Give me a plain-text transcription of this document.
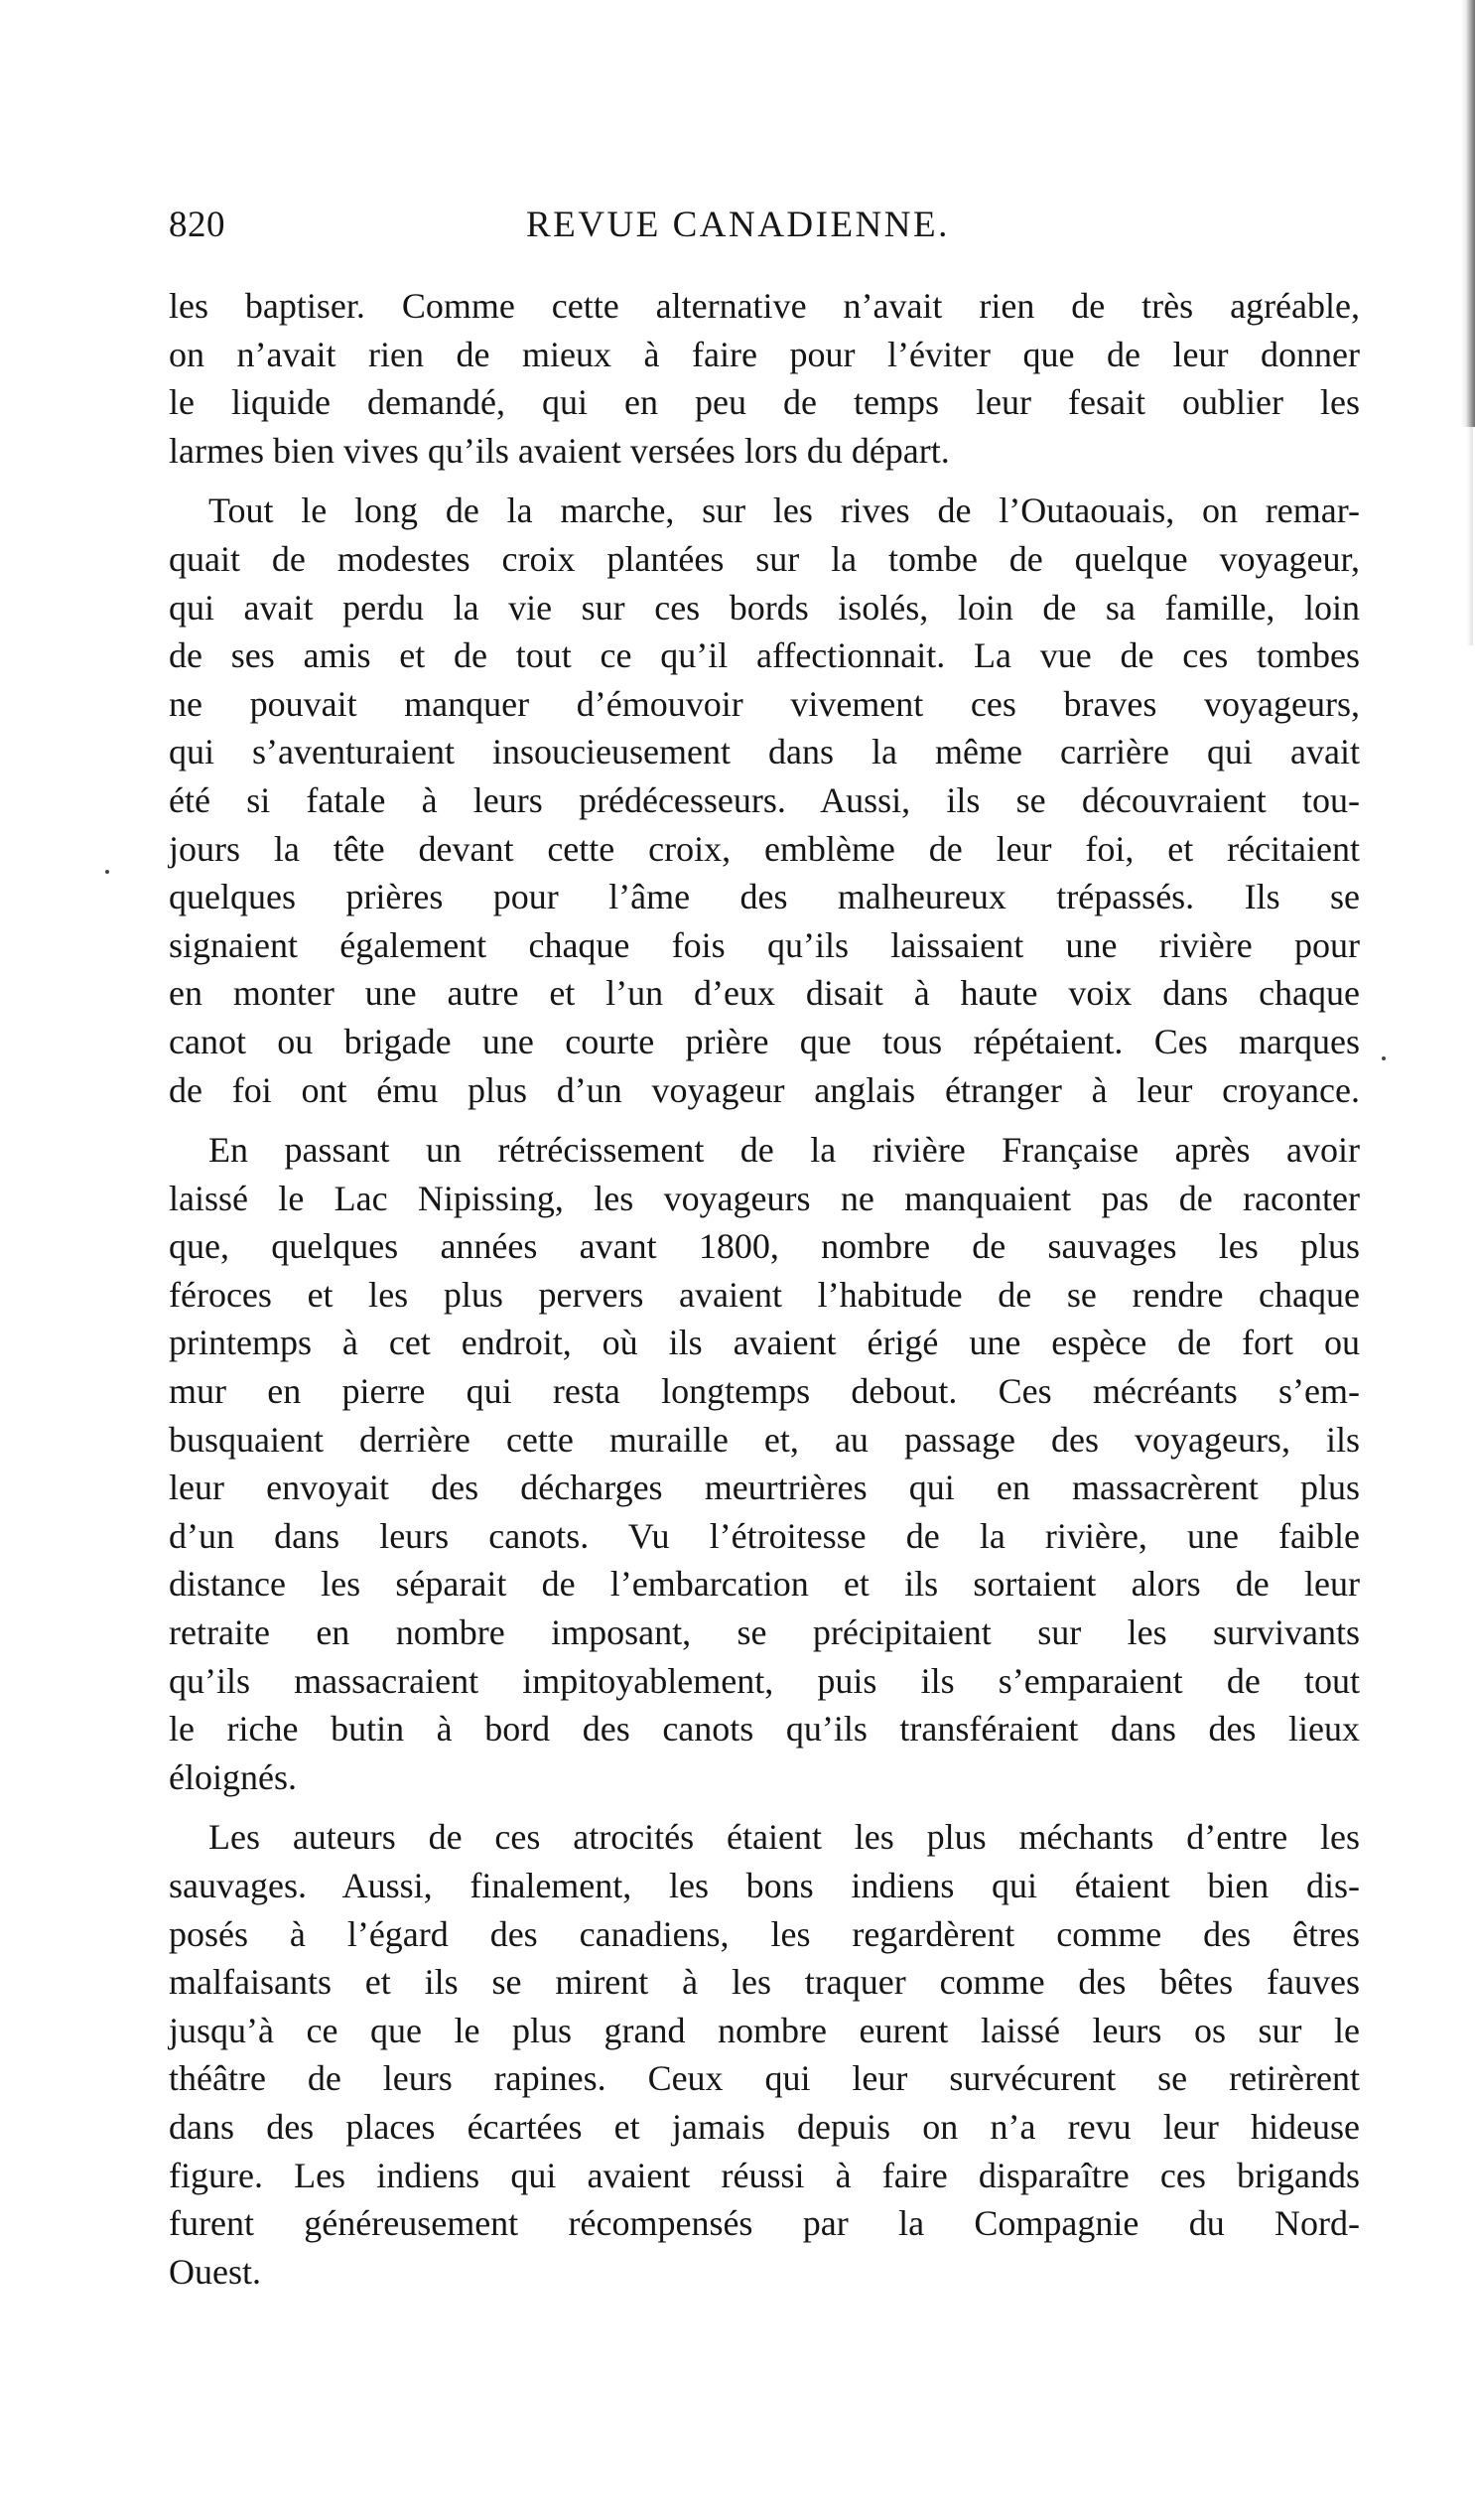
820	REVUE CANADIENNE.
les baptiser. Comme cette alternative n’avait rien de très agréable,
on n’avait rien de mieux à faire pour l’éviter que de leur donner
le liquide demandé, qui en peu de temps leur fesait oublier les
larmes bien vives qu’ils avaient versées lors du départ.
Tout le long de la marche, sur les rives de l’Outaouais, on remar-
quait de modestes croix plantées sur la tombe de quelque voyageur,
qui avait perdu la vie sur ces bords isolés, loin de sa famille, loin
de ses amis et de tout ce qu’il affectionnait. La vue de ces tombes
ne pouvait manquer d’émouvoir vivement ces braves voyageurs,
qui s’aventuraient insoucieusement dans la même carrière qui avait
été si fatale à leurs prédécesseurs. Aussi, ils se découvraient tou-
jours la tête devant cette croix, emblème de leur foi, et récitaient
quelques prières pour l’âme des malheureux trépassés. Ils se
signaient également chaque fois qu’ils laissaient une rivière pour
en monter une autre et l’un d’eux disait à haute voix dans chaque
canot ou brigade une courte prière que tous répétaient. Ces marques
de foi ont ému plus d’un voyageur anglais étranger à leur croyance.
En passant un rétrécissement de la rivière Française après avoir
laissé le Lac Nipissing, les voyageurs ne manquaient pas de raconter
que, quelques années avant 1800, nombre de sauvages les plus
féroces et les plus pervers avaient l’habitude de se rendre chaque
printemps à cet endroit, où ils avaient érigé une espèce de fort ou
mur en pierre qui resta longtemps debout. Ces mécréants s’em-
busquaient derrière cette muraille et, au passage des voyageurs, ils
leur envoyait des décharges meurtrières qui en massacrèrent plus
d’un dans leurs canots. Vu l’étroitesse de la rivière, une faible
distance les séparait de l’embarcation et ils sortaient alors de leur
retraite en nombre imposant, se précipitaient sur les survivants
qu’ils massacraient impitoyablement, puis ils s’emparaient de tout
le riche butin à bord des canots qu’ils transféraient dans des lieux
éloignés.
Les auteurs de ces atrocités étaient les plus méchants d’entre les
sauvages. Aussi, finalement, les bons indiens qui étaient bien dis-
posés à l’égard des canadiens, les regardèrent comme des êtres
malfaisants et ils se mirent à les traquer comme des bêtes fauves
jusqu’à ce que le plus grand nombre eurent laissé leurs os sur le
théâtre de leurs rapines. Ceux qui leur survécurent se retirèrent
dans des places écartées et jamais depuis on n’a revu leur hideuse
figure. Les indiens qui avaient réussi à faire disparaître ces brigands
furent généreusement récompensés par la Compagnie du Nord-
Ouest.
